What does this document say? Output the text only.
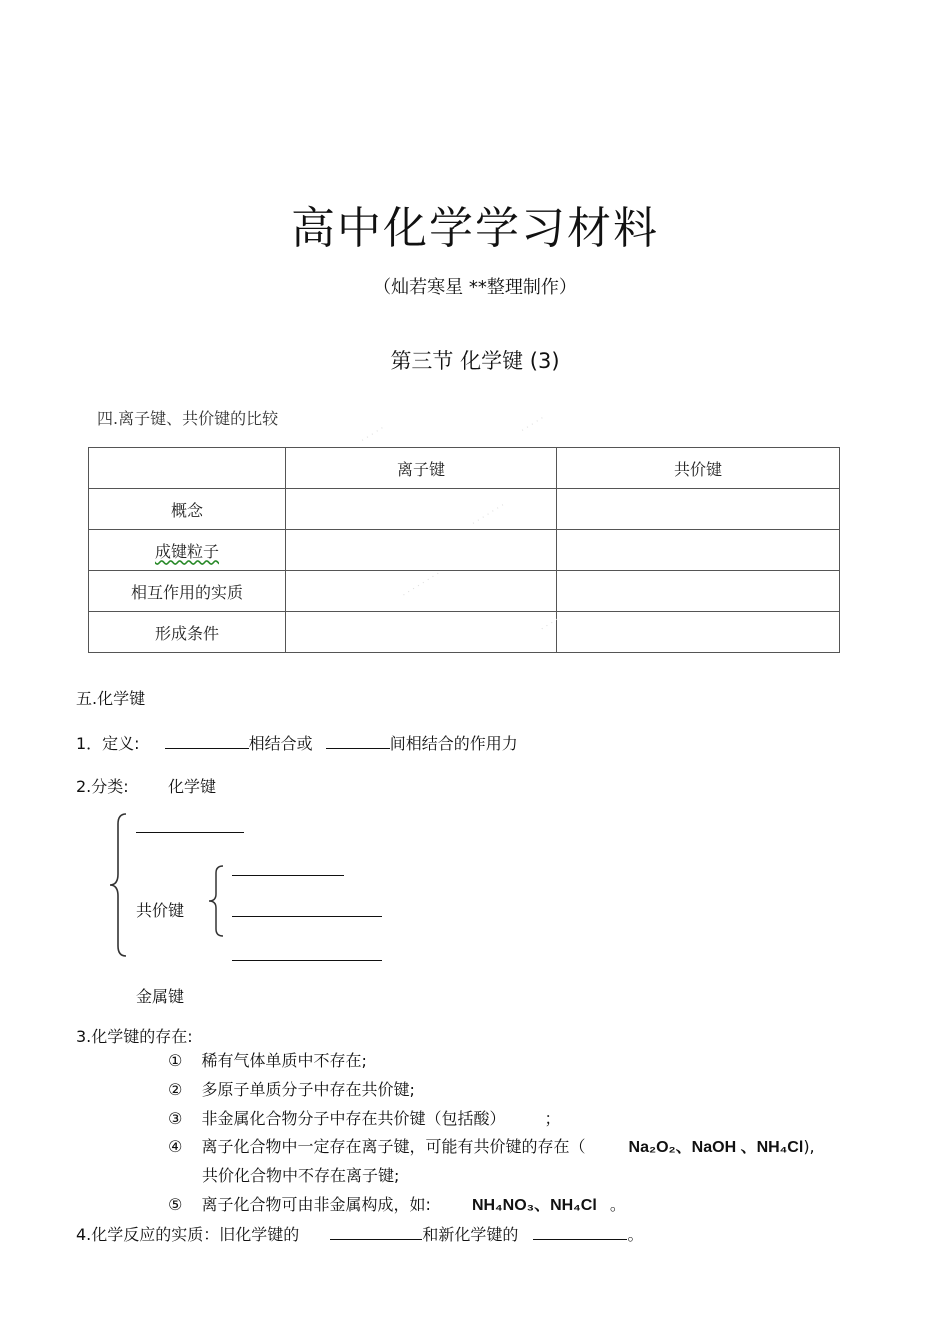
高中化学学习材料
（灿若寒星 **整理制作）
第三节 化学键 (3)
四.离子键、共价键的比较
	离子键	共价键
概念		
成键粒子		
相互作用的实质		
形成条件		
· · · · ·	· · · · ·
· · · · · · ·
· · · · · · · ·
· · · ·
五.化学键
1．定义:	相结合或	间相结合的作用力
2.分类: 化学键
共价键
金属键
3.化学键的存在:
① 稀有气体单质中不存在;
② 多原子单质分子中存在共价键;
③ 非金属化合物分子中存在共价键（包括酸） ；
④ 离子化合物中一定存在离子键，可能有共价键的存在（	Na₂O₂、NaOH 、NH₄Cl),
共价化合物中不存在离子键;
⑤ 离子化合物可由非金属构成，如:	NH₄NO₃、NH₄Cl 。
4.化学反应的实质：旧化学键的	和新化学键的	。
